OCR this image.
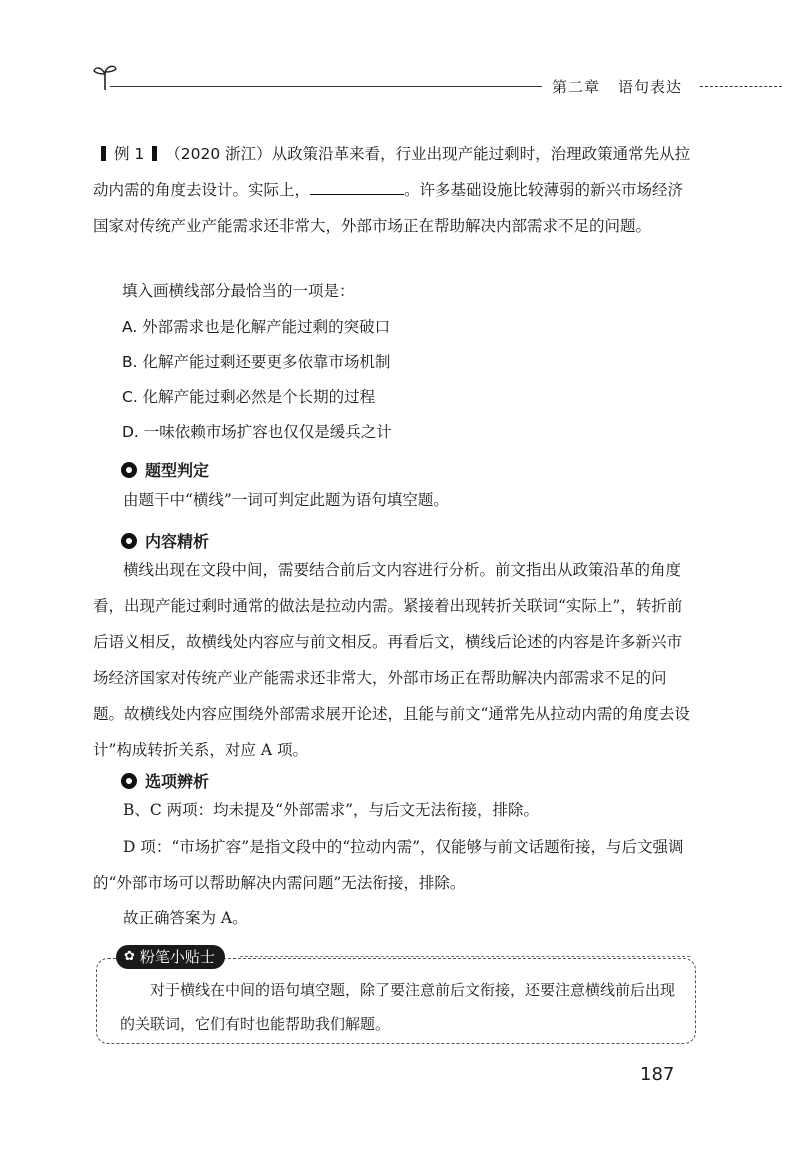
第二章 语句表达
例 1 （2020 浙江）从政策沿革来看，行业出现产能过剩时，治理政策通常先从拉动内需的角度去设计。实际上，	。许多基础设施比较薄弱的新兴市场经济国家对传统产业产能需求还非常大，外部市场正在帮助解决内部需求不足的问题。
填入画横线部分最恰当的一项是：
A. 外部需求也是化解产能过剩的突破口
B. 化解产能过剩还要更多依靠市场机制
C. 化解产能过剩必然是个长期的过程
D. 一味依赖市场扩容也仅仅是缓兵之计
题型判定
由题干中“横线”一词可判定此题为语句填空题。
内容精析
横线出现在文段中间，需要结合前后文内容进行分析。前文指出从政策沿革的角度看，出现产能过剩时通常的做法是拉动内需。紧接着出现转折关联词“实际上”，转折前后语义相反，故横线处内容应与前文相反。再看后文，横线后论述的内容是许多新兴市场经济国家对传统产业产能需求还非常大，外部市场正在帮助解决内部需求不足的问题。故横线处内容应围绕外部需求展开论述，且能与前文“通常先从拉动内需的角度去设计”构成转折关系，对应 A 项。
选项辨析
B、C 两项：均未提及“外部需求”，与后文无法衔接，排除。
D 项：“市场扩容”是指文段中的“拉动内需”，仅能够与前文话题衔接，与后文强调的“外部市场可以帮助解决内需问题”无法衔接，排除。
故正确答案为 A。
✿ 粉笔小贴士
对于横线在中间的语句填空题，除了要注意前后文衔接，还要注意横线前后出现的关联词，它们有时也能帮助我们解题。
187
